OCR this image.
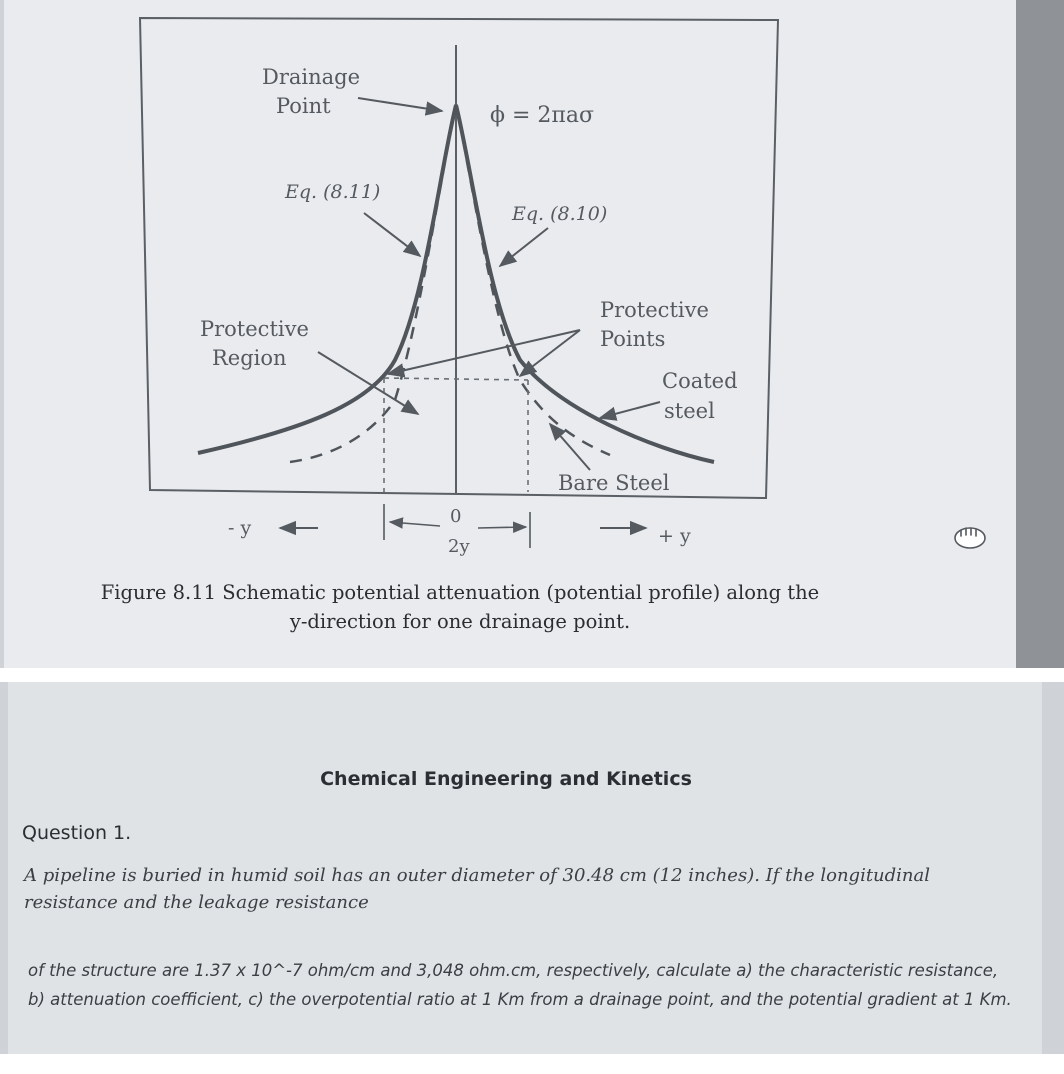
Drainage
Point	ϕ = 2πaσ
Eq. (8.11)
Eq. (8.10)
Protective
Points
Protective
Region
Coated
steel
Bare Steel
- y	+ y
0
2y
Figure 8.11 Schematic potential attenuation (potential profile) along the
y-direction for one drainage point.
Chemical Engineering and Kinetics
Question 1.
A pipeline is buried in humid soil has an outer diameter of 30.48 cm (12 inches). If the longitudinal resistance and the leakage resistance
of the structure are 1.37 x 10^-7 ohm/cm and 3,048 ohm.cm, respectively, calculate a) the characteristic resistance, b) attenuation coefficient, c) the overpotential ratio at 1 Km from a drainage point, and the potential gradient at 1 Km.
